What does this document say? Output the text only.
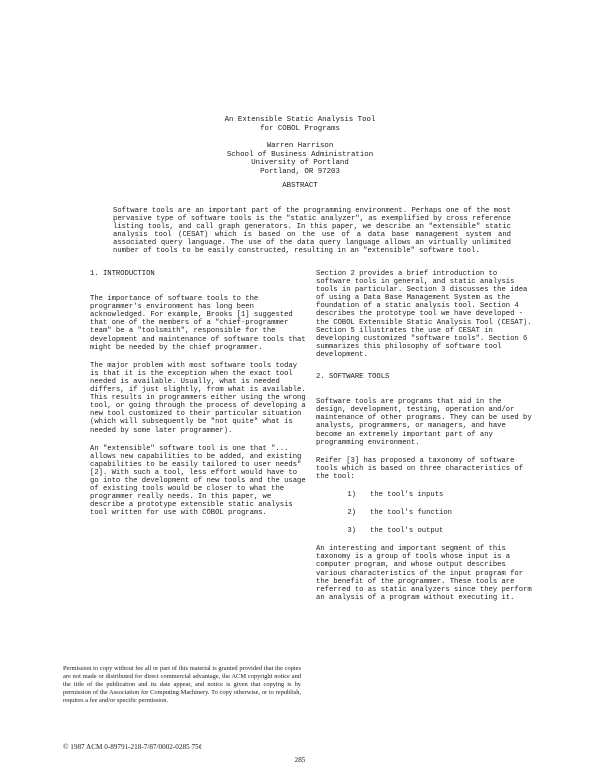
An Extensible Static Analysis Tool
for COBOL Programs
Warren Harrison
School of Business Administration
University of Portland
Portland, OR 97203
ABSTRACT
Software tools are an important part of the programming environment. Perhaps one of the most pervasive type of software tools is the "static analyzer", as exemplified by cross reference listing tools, and call graph generators. In this paper, we describe an "extensible" static analysis tool (CESAT) which is based on the use of a data base management system and associated query language. The use of the data query language allows an virtually unlimited number of tools to be easily constructed, resulting in an "extensible" software tool.
1. INTRODUCTION

The importance of software tools to the programmer's environment has long been acknowledged. For example, Brooks [1] suggested that one of the members of a "chief-programmer team" be a "toolsmith", responsible for the development and maintenance of software tools that might be needed by the chief programmer.

The major problem with most software tools today is that it is the exception when the exact tool needed is available. Usually, what is needed differs, if just slightly, from what is available. This results in programmers either using the wrong tool, or going through the process of developing a new tool customized to their particular situation (which will subsequently be "not quite" what is needed by some later programmer).

An "extensible" software tool is one that "... allows new capabilities to be added, and existing capabilities to be easily tailored to user needs" [2]. With such a tool, less effort would have to go into the development of new tools and the usage of existing tools would be closer to what the programmer really needs. In this paper, we describe a prototype extensible static analysis tool written for use with COBOL programs.

Section 2 provides a brief introduction to software tools in general, and static analysis tools in particular. Section 3 discusses the idea of using a Data Base Management System as the foundation of a static analysis tool. Section 4 describes the prototype tool we have developed - the COBOL Extensible Static Analysis Tool (CESAT). Section 5 illustrates the use of CESAT in developing customized "software tools". Section 6 summarizes this philosophy of software tool development.

2. SOFTWARE TOOLS

Software tools are programs that aid in the design, development, testing, operation and/or maintenance of other programs. They can be used by analysts, programmers, or managers, and have become an extremely important part of any programming environment.

Reifer [3] has proposed a taxonomy of software tools which is based on three characteristics of the tool:

1)	the tool's inputs
2)	the tool's function
3)	the tool's output

An interesting and important segment of this taxonomy is a group of tools whose input is a computer program, and whose output describes various characteristics of the input program for the benefit of the programmer. These tools are referred to as static analyzers since they perform an analysis of a program without executing it.

Permission to copy without fee all or part of this material is granted provided that the copies are not made or distributed for direct commercial advantage, the ACM copyright notice and the title of the publication and its date appear, and notice is given that copying is by permission of the Association for Computing Machinery. To copy otherwise, or to republish, requires a fee and/or specific permission.
© 1987 ACM 0-89791-218-7/87/0002-0285 75¢
285
